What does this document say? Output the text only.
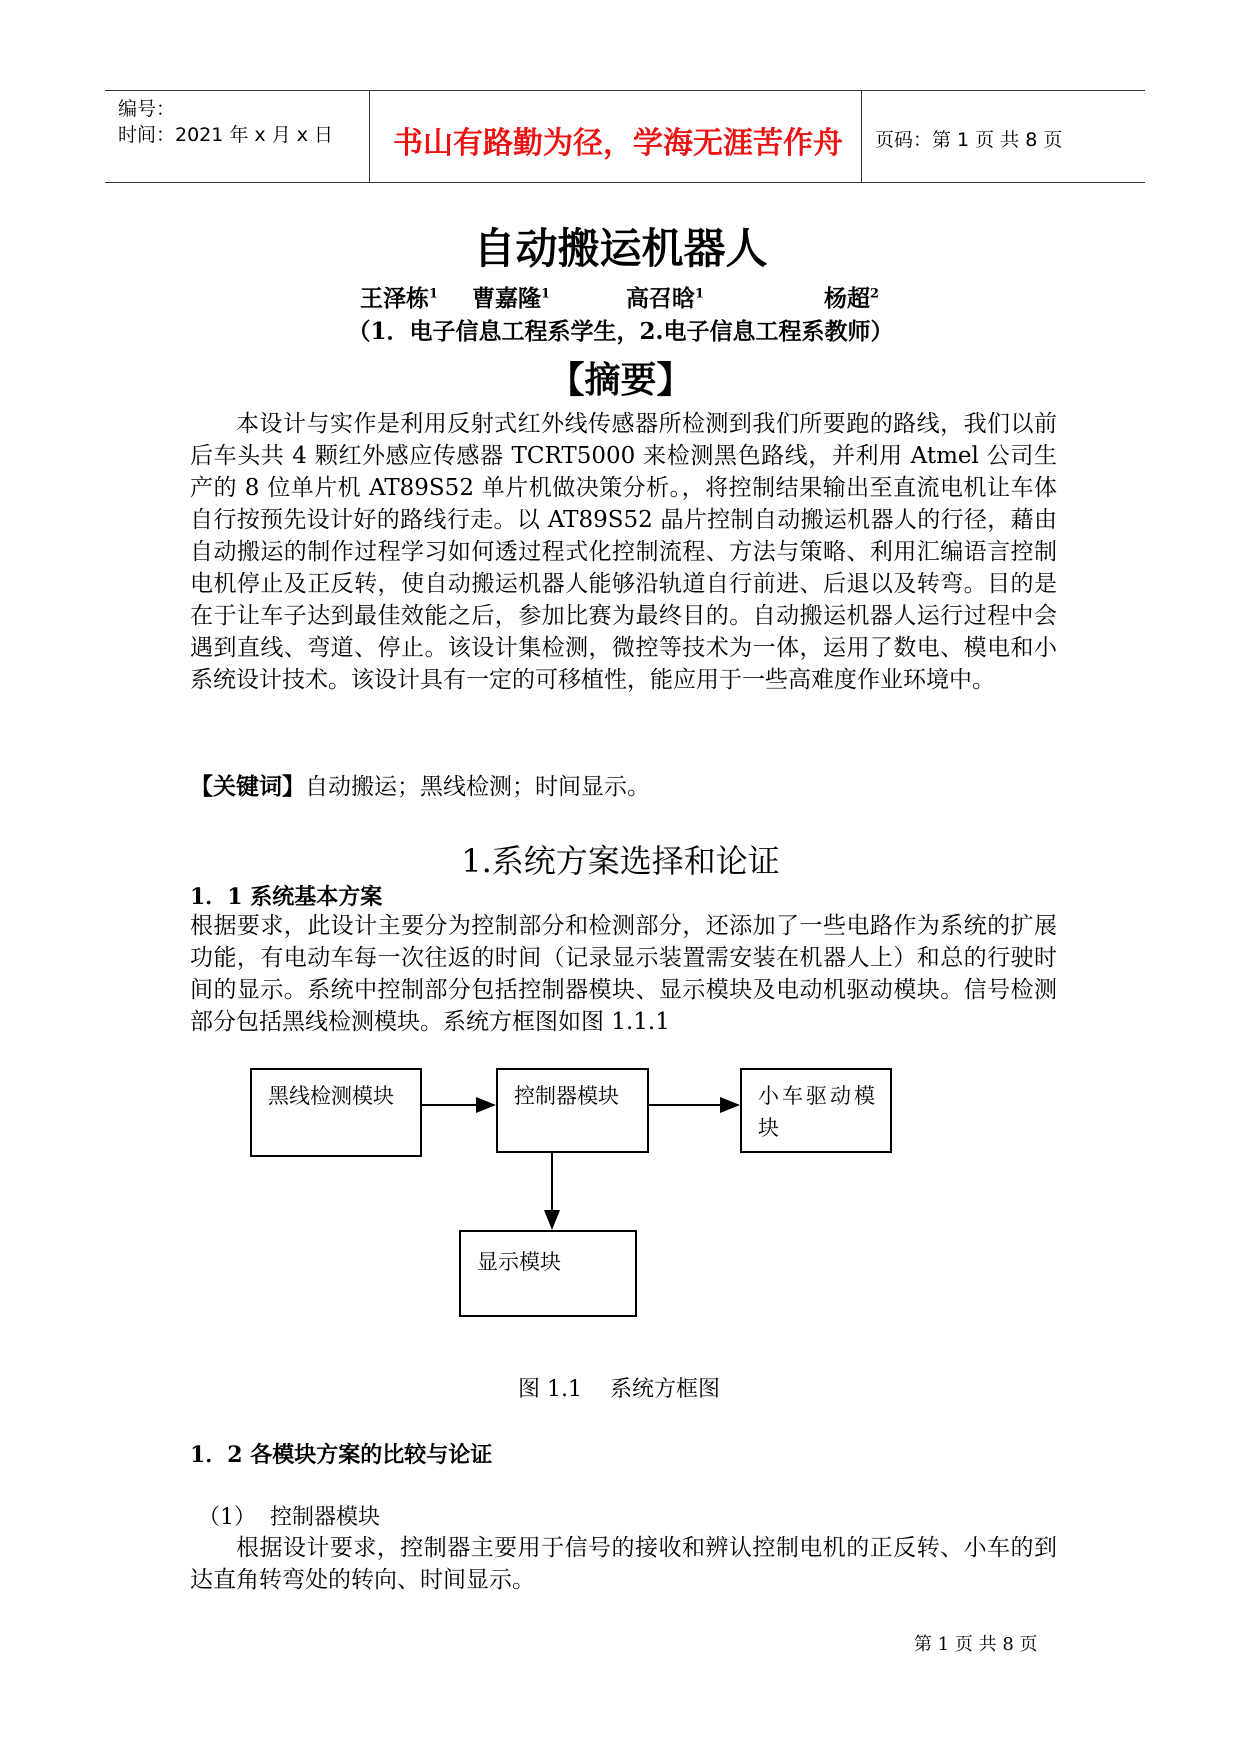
编号：
时间：2021 年 x 月 x 日 书山有路勤为径，学海无涯苦作舟 页码：第 1 页 共 8 页
自动搬运机器人
王泽栋$^1$ 曹嘉隆$^1$	高召晗$^1$	杨超$^2$
（1．电子信息工程系学生，2.电子信息工程系教师）
【摘要】

本设计与实作是利用反射式红外线传感器所检测到我们所要跑的路线，我们以前后车头共 4 颗红外感应传感器 TCRT5000 来检测黑色路线，并利用 Atmel 公司生产的 8 位单片机 AT89S52 单片机做决策分析。，将控制结果输出至直流电机让车体自行按预先设计好的路线行走。以 AT89S52 晶片控制自动搬运机器人的行径，藉由自动搬运的制作过程学习如何透过程式化控制流程、方法与策略、利用汇编语言控制电机停止及正反转，使自动搬运机器人能够沿轨道自行前进、后退以及转弯。目的是在于让车子达到最佳效能之后，参加比赛为最终目的。自动搬运机器人运行过程中会遇到直线、弯道、停止。该设计集检测，微控等技术为一体，运用了数电、模电和小系统设计技术。该设计具有一定的可移植性，能应用于一些高难度作业环境中。

【关键词】自动搬运；黑线检测；时间显示。
1.系统方案选择和论证
1．1 系统基本方案

根据要求，此设计主要分为控制部分和检测部分，还添加了一些电路作为系统的扩展功能，有电动车每一次往返的时间（记录显示装置需安装在机器人上）和总的行驶时间的显示。系统中控制部分包括控制器模块、显示模块及电动机驱动模块。信号检测部分包括黑线检测模块。系统方框图如图 1.1.1

黑线检测模块	控制器模块	小车驱动模块
显示模块
图 1.1    系统方框图
1．2 各模块方案的比较与论证
（1）  控制器模块

根据设计要求，控制器主要用于信号的接收和辨认控制电机的正反转、小车的到达直角转弯处的转向、时间显示。

第 1 页 共 8 页
